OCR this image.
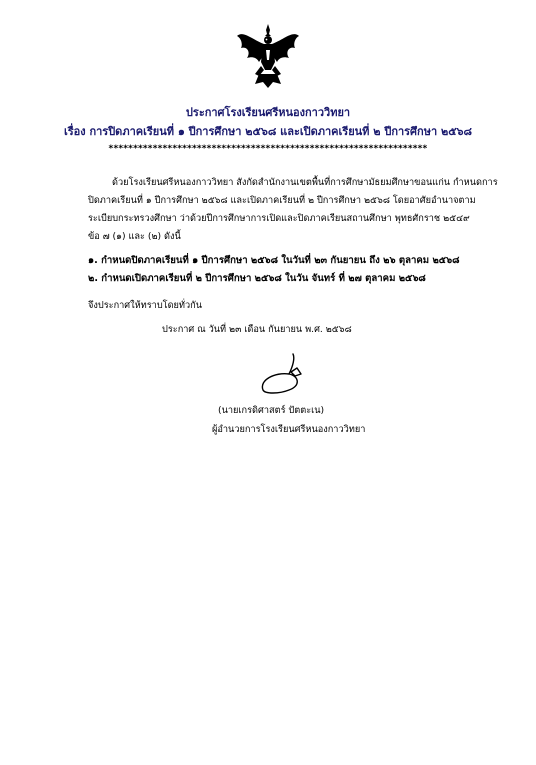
ประกาศโรงเรียนศรีหนองกาววิทยา
เรื่อง การปิดภาคเรียนที่ ๑ ปีการศึกษา ๒๕๖๘ และเปิดภาคเรียนที่ ๒ ปีการศึกษา ๒๕๖๘
*****************************************************************
ด้วยโรงเรียนศรีหนองกาววิทยา สังกัดสำนักงานเขตพื้นที่การศึกษามัธยมศึกษาขอนแก่น กำหนดการ
ปิดภาคเรียนที่ ๑ ปีการศึกษา ๒๕๖๘ และเปิดภาคเรียนที่ ๒ ปีการศึกษา ๒๕๖๘ โดยอาศัยอำนาจตาม
ระเบียบกระทรวงศึกษา ว่าด้วยปีการศึกษาการเปิดและปิดภาคเรียนสถานศึกษา พุทธศักราช ๒๕๔๙
ข้อ ๗ (๑) และ (๒) ดังนี้
๑. กำหนดปิดภาคเรียนที่ ๑ ปีการศึกษา ๒๕๖๘ ในวันที่ ๒๓ กันยายน ถึง ๒๖ ตุลาคม ๒๕๖๘
๒. กำหนดเปิดภาคเรียนที่ ๒ ปีการศึกษา ๒๕๖๘ ในวัน จันทร์ ที่ ๒๗ ตุลาคม ๒๕๖๘
จึงประกาศให้ทราบโดยทั่วกัน
ประกาศ ณ วันที่ ๒๓ เดือน กันยายน พ.ศ. ๒๕๖๘
(นายเกรดิศาสตร์ ปัตตะเน)
ผู้อำนวยการโรงเรียนศรีหนองกาววิทยา
